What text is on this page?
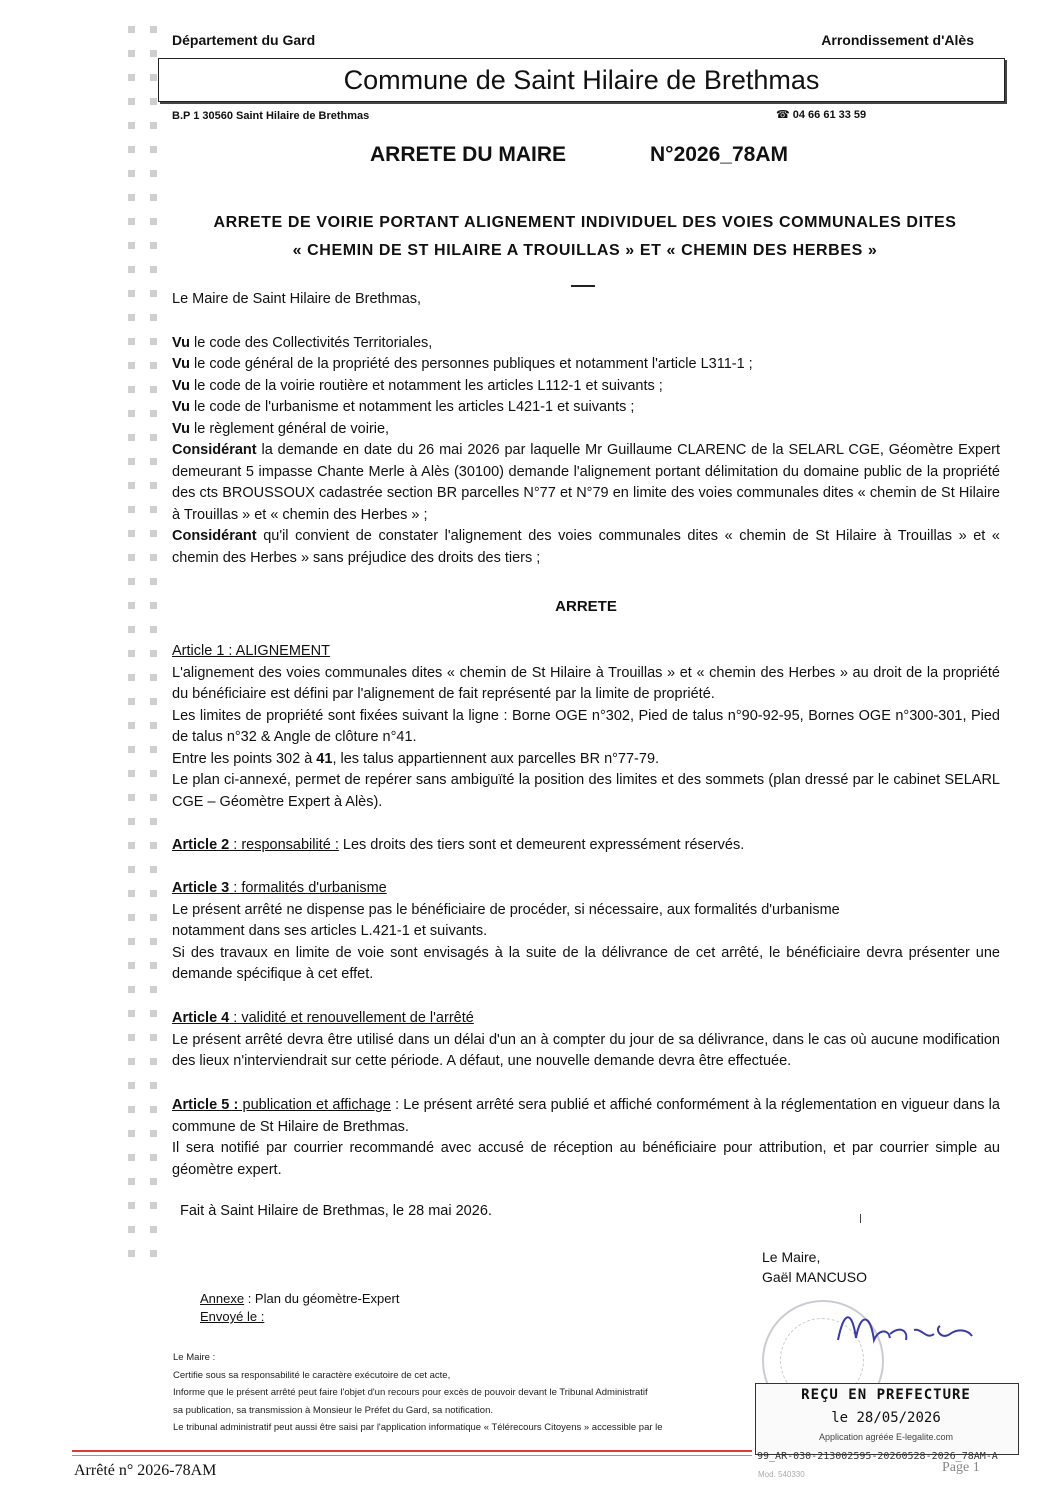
Département du Gard	Arrondissement d'Alès
Commune de Saint Hilaire de Brethmas
B.P 1 30560 Saint Hilaire de Brethmas	☎ 04 66 61 33 59
ARRETE DU MAIRE	N°2026_78AM
ARRETE DE VOIRIE PORTANT ALIGNEMENT INDIVIDUEL DES VOIES COMMUNALES DITES
« CHEMIN DE ST HILAIRE A TROUILLAS » ET « CHEMIN DES HERBES »

Le Maire de Saint Hilaire de Brethmas,

Vu le code des Collectivités Territoriales,

Vu le code général de la propriété des personnes publiques et notamment l'article L311-1 ;

Vu le code de la voirie routière et notamment les articles L112-1 et suivants ;

Vu le code de l'urbanisme et notamment les articles L421-1 et suivants ;

Vu le règlement général de voirie,

Considérant la demande en date du 26 mai 2026 par laquelle Mr Guillaume CLARENC de la SELARL CGE, Géomètre Expert demeurant 5 impasse Chante Merle à Alès (30100) demande l'alignement portant délimitation du domaine public de la propriété des cts BROUSSOUX cadastrée section BR parcelles N°77 et N°79 en limite des voies communales dites « chemin de St Hilaire à Trouillas » et « chemin des Herbes » ;

Considérant qu'il convient de constater l'alignement des voies communales dites « chemin de St Hilaire à Trouillas » et « chemin des Herbes » sans préjudice des droits des tiers ;

ARRETE

Article 1 : ALIGNEMENT

L'alignement des voies communales dites « chemin de St Hilaire à Trouillas » et « chemin des Herbes » au droit de la propriété du bénéficiaire est défini par l'alignement de fait représenté par la limite de propriété.

Les limites de propriété sont fixées suivant la ligne : Borne OGE n°302, Pied de talus n°90-92-95, Bornes OGE n°300-301, Pied de talus n°32 & Angle de clôture n°41.

Entre les points 302 à 41, les talus appartiennent aux parcelles BR n°77-79.

Le plan ci-annexé, permet de repérer sans ambiguïté la position des limites et des sommets (plan dressé par le cabinet SELARL CGE – Géomètre Expert à Alès).

Article 2 : responsabilité : Les droits des tiers sont et demeurent expressément réservés.

Article 3 : formalités d'urbanisme

Le présent arrêté ne dispense pas le bénéficiaire de procéder, si nécessaire, aux formalités d'urbanisme notamment dans ses articles L.421-1 et suivants.

Si des travaux en limite de voie sont envisagés à la suite de la délivrance de cet arrêté, le bénéficiaire devra présenter une demande spécifique à cet effet.

Article 4 : validité et renouvellement de l'arrêté

Le présent arrêté devra être utilisé dans un délai d'un an à compter du jour de sa délivrance, dans le cas où aucune modification des lieux n'interviendrait sur cette période. A défaut, une nouvelle demande devra être effectuée.

Article 5 : publication et affichage : Le présent arrêté sera publié et affiché conformément à la réglementation en vigueur dans la commune de St Hilaire de Brethmas.

Il sera notifié par courrier recommandé avec accusé de réception au bénéficiaire pour attribution, et par courrier simple au géomètre expert.

Fait à Saint Hilaire de Brethmas, le 28 mai 2026.
Le Maire,
Gaël MANCUSO
Annexe : Plan du géomètre-Expert
Envoyé le :
Le Maire :
Certifie sous sa responsabilité le caractère exécutoire de cet acte,
Informe que le présent arrêté peut faire l'objet d'un recours pour excès de pouvoir devant le Tribunal Administratif
sa publication, sa transmission à Monsieur le Préfet du Gard, sa notification.
Le tribunal administratif peut aussi être saisi par l'application informatique « Télérecours Citoyens » accessible par le
REÇU EN PREFECTURE
le 28/05/2026
Application agréée E-legalite.com
99_AR-030-213002595-20260528-2026_78AM-A
Arrêté n° 2026-78AM	Mod. 540330	Page 1
